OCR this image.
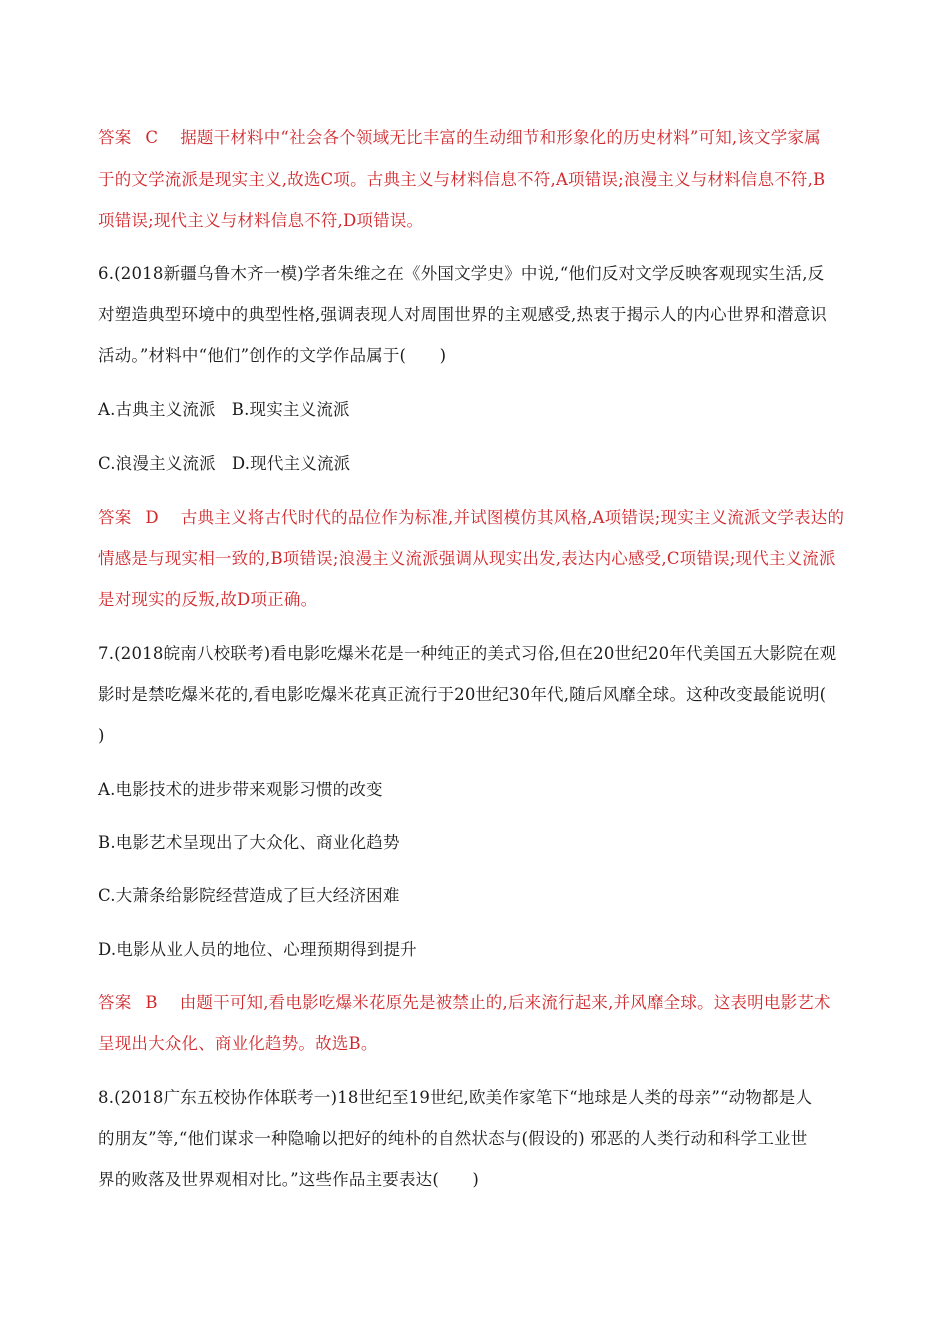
答案 C 据题干材料中“社会各个领域无比丰富的生动细节和形象化的历史材料”可知,该文学家属
于的文学流派是现实主义,故选C项。古典主义与材料信息不符,A项错误;浪漫主义与材料信息不符,B
项错误;现代主义与材料信息不符,D项错误。
6.(2018新疆乌鲁木齐一模)学者朱维之在《外国文学史》中说,“他们反对文学反映客观现实生活,反
对塑造典型环境中的典型性格,强调表现人对周围世界的主观感受,热衷于揭示人的内心世界和潜意识
活动。”材料中“他们”创作的文学作品属于(　　)
A.古典主义流派 B.现实主义流派
C.浪漫主义流派 D.现代主义流派
答案 D 古典主义将古代时代的品位作为标准,并试图模仿其风格,A项错误;现实主义流派文学表达的
情感是与现实相一致的,B项错误;浪漫主义流派强调从现实出发,表达内心感受,C项错误;现代主义流派
是对现实的反叛,故D项正确。
7.(2018皖南八校联考)看电影吃爆米花是一种纯正的美式习俗,但在20世纪20年代美国五大影院在观
影时是禁吃爆米花的,看电影吃爆米花真正流行于20世纪30年代,随后风靡全球。这种改变最能说明(
)
A.电影技术的进步带来观影习惯的改变
B.电影艺术呈现出了大众化、商业化趋势
C.大萧条给影院经营造成了巨大经济困难
D.电影从业人员的地位、心理预期得到提升
答案 B 由题干可知,看电影吃爆米花原先是被禁止的,后来流行起来,并风靡全球。这表明电影艺术
呈现出大众化、商业化趋势。故选B。
8.(2018广东五校协作体联考一)18世纪至19世纪,欧美作家笔下“地球是人类的母亲”“动物都是人
的朋友”等,“他们谋求一种隐喻以把好的纯朴的自然状态与(假设的) 邪恶的人类行动和科学工业世
界的败落及世界观相对比。”这些作品主要表达(　　)
